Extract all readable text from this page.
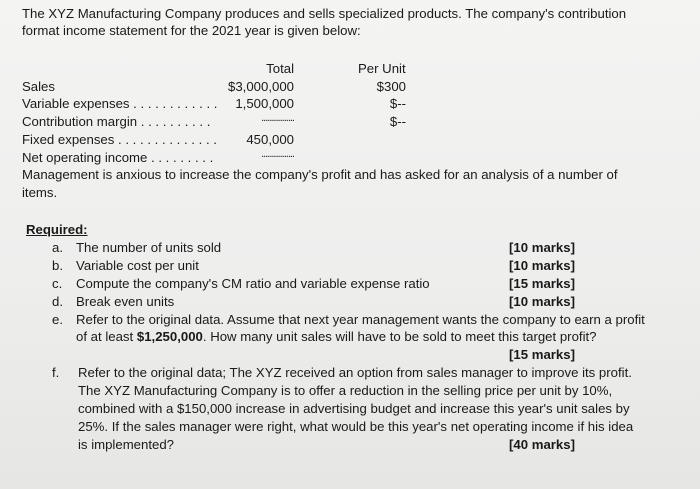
The XYZ Manufacturing Company produces and sells specialized products. The company's contribution
format income statement for the 2021 year is given below:
Total	Per Unit
Sales	$3,000,000	$300
Variable expenses . . . . . . . . . . . .	1,500,000	$--
Contribution margin . . . . . . . . . .	................	$--
Fixed expenses . . . . . . . . . . . . . .	450,000
Net operating income . . . . . . . . .	................
Management is anxious to increase the company's profit and has asked for an analysis of a number of
items.
Required:
a. The number of units sold	[10 marks]
b. Variable cost per unit	[10 marks]
c. Compute the company's CM ratio and variable expense ratio	[15 marks]
d. Break even units	[10 marks]
e. Refer to the original data. Assume that next year management wants the company to earn a profit
of at least $1,250,000. How many unit sales will have to be sold to meet this target profit?
[15 marks]
f. Refer to the original data; The XYZ received an option from sales manager to improve its profit.
The XYZ Manufacturing Company is to offer a reduction in the selling price per unit by 10%,
combined with a $150,000 increase in advertising budget and increase this year's unit sales by
25%. If the sales manager were right, what would be this year's net operating income if his idea
is implemented?	[40 marks]
